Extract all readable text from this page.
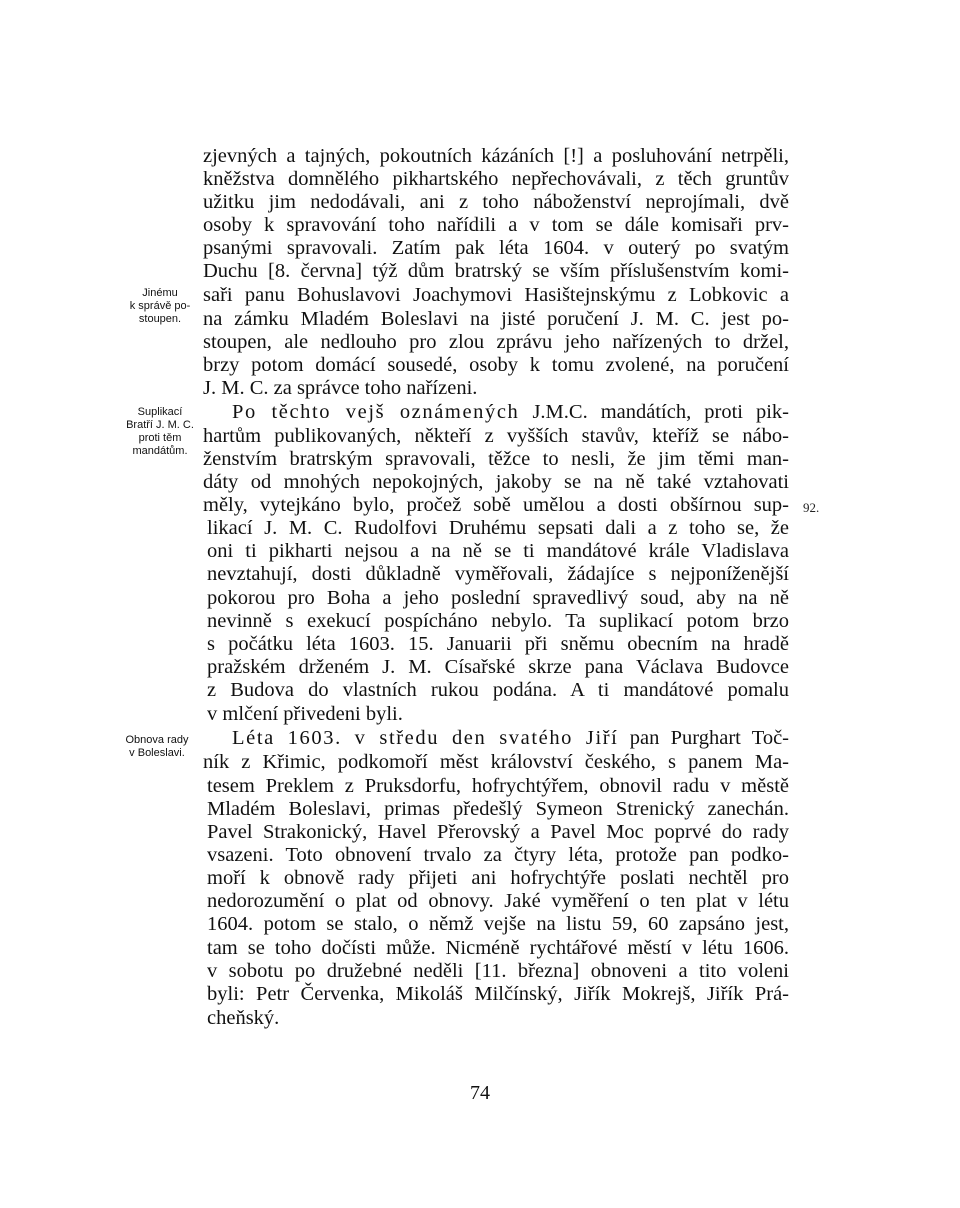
zjevných a tajných, pokoutních kázáních [!] a posluhování netrpěli,
kněžstva domnělého pikhartského nepřechovávali, z těch gruntův
užitku jim nedodávali, ani z toho náboženství neprojímali, dvě
osoby k spravování toho nařídili a v tom se dále komisaři prv-
psanými spravovali. Zatím pak léta 1604. v outerý po svatým
Duchu [8. června] týž dům bratrský se vším příslušenstvím komi-
saři panu Bohuslavovi Joachymovi Hasištejnskýmu z Lobkovic a
na zámku Mladém Boleslavi na jisté poručení J. M. C. jest po-
stoupen, ale nedlouho pro zlou zprávu jeho nařízených to držel,
brzy potom domácí sousedé, osoby k tomu zvolené, na poručení
J. M. C. za správce toho nařízeni.
Po těchto vejš oznámených J.M.C. mandátích, proti pik-
hartům publikovaných, někteří z vyšších stavův, kteříž se nábo-
ženstvím bratrským spravovali, těžce to nesli, že jim těmi man-
dáty od mnohých nepokojných, jakoby se na ně také vztahovati
měly, vytejkáno bylo, pročež sobě umělou a dosti obšírnou sup-
likací J. M. C. Rudolfovi Druhému sepsati dali a z toho se, že
oni ti pikharti nejsou a na ně se ti mandátové krále Vladislava
nevztahují, dosti důkladně vyměřovali, žádajíce s nejponíženější
pokorou pro Boha a jeho poslední spravedlivý soud, aby na ně
nevinně s exekucí pospícháno nebylo. Ta suplikací potom brzo
s počátku léta 1603. 15. Januarii při sněmu obecním na hradě
pražském drženém J. M. Císařské skrze pana Václava Budovce
z Budova do vlastních rukou podána. A ti mandátové pomalu
v mlčení přivedeni byli.
Léta 1603. v středu den svatého Jiří pan Purghart Toč-
ník z Křimic, podkomoří měst království českého, s panem Ma-
tesem Preklem z Pruksdorfu, hofrychtýřem, obnovil radu v městě
Mladém Boleslavi, primas předešlý Symeon Strenický zanechán.
Pavel Strakonický, Havel Přerovský a Pavel Moc poprvé do rady
vsazeni. Toto obnovení trvalo za čtyry léta, protože pan podko-
moří k obnově rady přijeti ani hofrychtýře poslati nechtěl pro
nedorozumění o plat od obnovy. Jaké vyměření o ten plat v létu
1604. potom se stalo, o němž vejše na listu 59, 60 zapsáno jest,
tam se toho dočísti může. Nicméně rychtářové městí v létu 1606.
v sobotu po družebné neděli [11. března] obnoveni a tito voleni
byli: Petr Červenka, Mikoláš Milčínský, Jiřík Mokrejš, Jiřík Prá-
cheňský.
Jinému
k správě po-
stoupen.
Suplikací
Bratří J. M. C.
proti těm
mandátům.
Obnova rady
v Boleslavi.
92.
74
